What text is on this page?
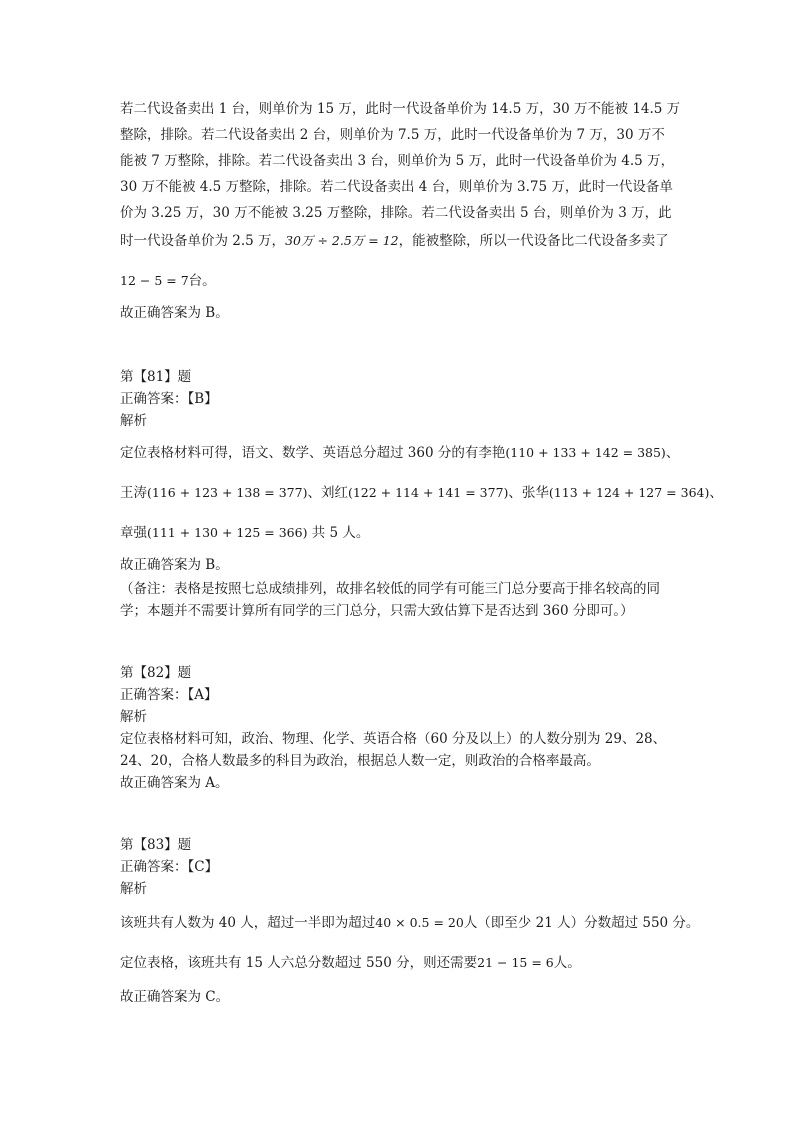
若二代设备卖出 1 台，则单价为 15 万，此时一代设备单价为 14.5 万，30 万不能被 14.5 万
整除，排除。若二代设备卖出 2 台，则单价为 7.5 万，此时一代设备单价为 7 万，30 万不
能被 7 万整除，排除。若二代设备卖出 3 台，则单价为 5 万，此时一代设备单价为 4.5 万，
30 万不能被 4.5 万整除，排除。若二代设备卖出 4 台，则单价为 3.75 万，此时一代设备单
价为 3.25 万，30 万不能被 3.25 万整除，排除。若二代设备卖出 5 台，则单价为 3 万，此
时一代设备单价为 2.5 万，30万 ÷ 2.5万 = 12，能被整除，所以一代设备比二代设备多卖了
12 − 5 = 7台。
故正确答案为 B。
第【81】题
正确答案：【B】
解析
定位表格材料可得，语文、数学、英语总分超过 360 分的有李艳(110 + 133 + 142 = 385)、
王涛(116 + 123 + 138 = 377)、刘红(122 + 114 + 141 = 377)、张华(113 + 124 + 127 = 364)、
章强(111 + 130 + 125 = 366) 共 5 人。
故正确答案为 B。
（备注：表格是按照七总成绩排列，故排名较低的同学有可能三门总分要高于排名较高的同
学；本题并不需要计算所有同学的三门总分，只需大致估算下是否达到 360 分即可。）
第【82】题
正确答案：【A】
解析
定位表格材料可知，政治、物理、化学、英语合格（60 分及以上）的人数分别为 29、28、
24、20，合格人数最多的科目为政治，根据总人数一定，则政治的合格率最高。
故正确答案为 A。
第【83】题
正确答案：【C】
解析
该班共有人数为 40 人，超过一半即为超过40 × 0.5 = 20人（即至少 21 人）分数超过 550 分。
定位表格，该班共有 15 人六总分数超过 550 分，则还需要21 − 15 = 6人。
故正确答案为 C。
